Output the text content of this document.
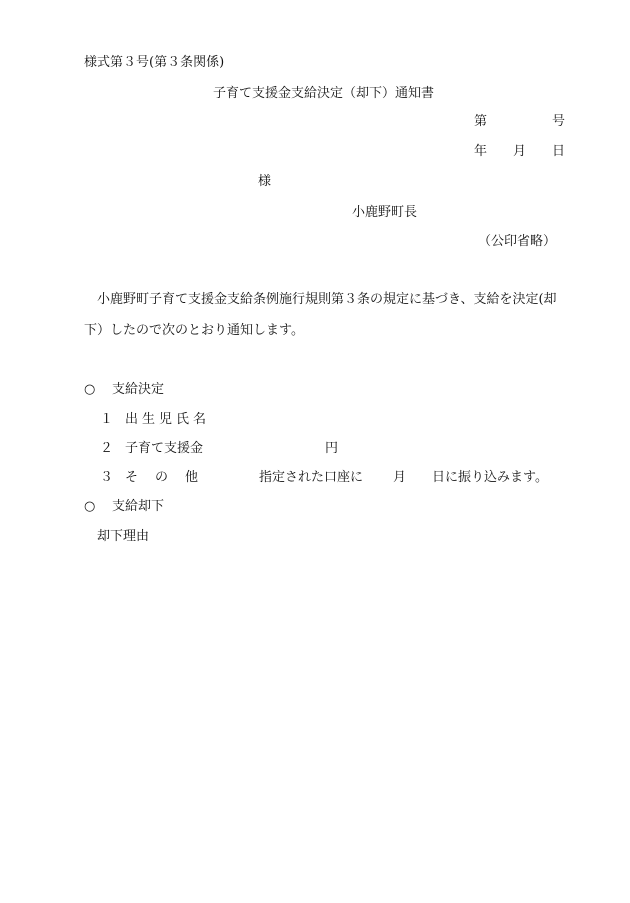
様式第３号(第３条関係)
子育て支援金支給決定（却下）通知書
第	号
年 月 日
様
小鹿野町長
（公印省略）
小鹿野町子育て支援金支給条例施行規則第３条の規定に基づき、支給を決定(却
下）したので次のとおり通知します。
○ 支給決定
１ 出生児氏名
２ 子育て支援金	円
３ その他	指定された口座に 月 日に振り込みます。
○ 支給却下
却下理由
